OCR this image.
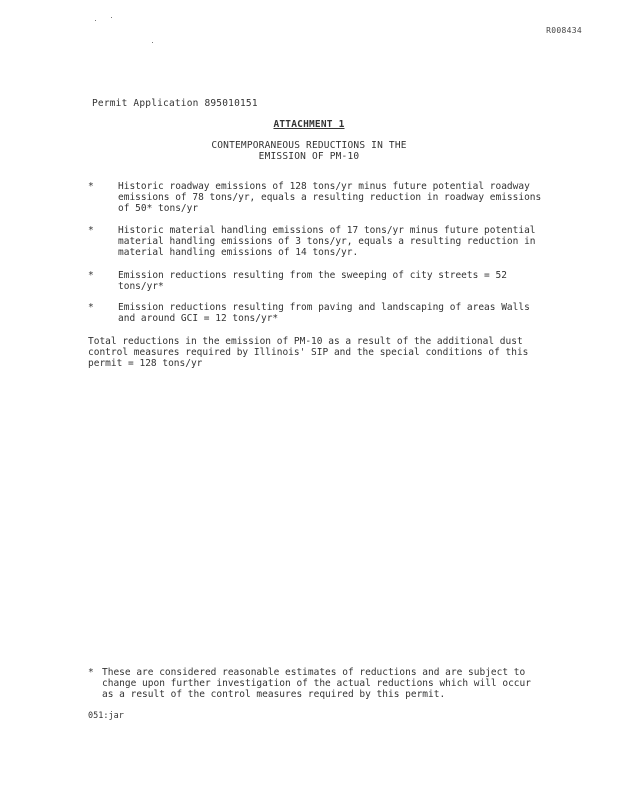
R008434
Permit Application 895010151
ATTACHMENT 1
CONTEMPORANEOUS REDUCTIONS IN THE
EMISSION OF PM-10
*	Historic roadway emissions of 128 tons/yr minus future potential roadway emissions of 78 tons/yr, equals a resulting reduction in roadway emissions of 50* tons/yr
*	Historic material handling emissions of 17 tons/yr minus future potential material handling emissions of 3 tons/yr, equals a resulting reduction in material handling emissions of 14 tons/yr.
*	Emission reductions resulting from the sweeping of city streets = 52 tons/yr*
*	Emission reductions resulting from paving and landscaping of areas Walls and around GCI = 12 tons/yr*
Total reductions in the emission of PM-10 as a result of the additional dust control measures required by Illinois' SIP and the special conditions of this permit = 128 tons/yr
* These are considered reasonable estimates of reductions and are subject to change upon further investigation of the actual reductions which will occur as a result of the control measures required by this permit.
051:jar
